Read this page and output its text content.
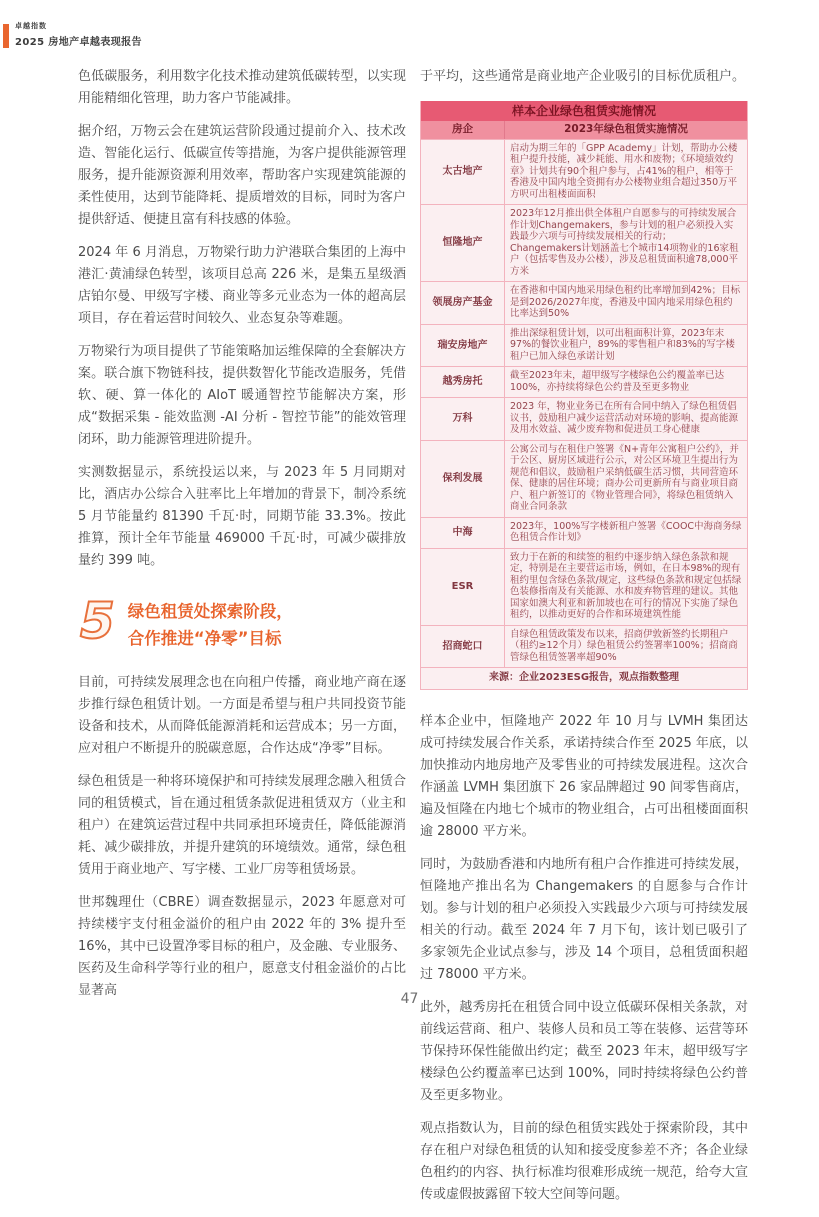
卓越指数
2025 房地产卓越表现报告

色低碳服务，利用数字化技术推动建筑低碳转型，以实现用能精细化管理，助力客户节能减排。

据介绍，万物云会在建筑运营阶段通过提前介入、技术改造、智能化运行、低碳宣传等措施，为客户提供能源管理服务，提升能源资源利用效率，帮助客户实现建筑能源的柔性使用，达到节能降耗、提质增效的目标，同时为客户提供舒适、便捷且富有科技感的体验。

2024 年 6 月消息，万物梁行助力沪港联合集团的上海中港汇·黄浦绿色转型，该项目总高 226 米，是集五星级酒店铂尔曼、甲级写字楼、商业等多元业态为一体的超高层项目，存在着运营时间较久、业态复杂等难题。

万物梁行为项目提供了节能策略加运维保障的全套解决方案。联合旗下物链科技，提供数智化节能改造服务，凭借软、硬、算一体化的 AIoT 暖通智控节能解决方案，形成“数据采集 - 能效监测 -AI 分析 - 智控节能”的能效管理闭环，助力能源管理进阶提升。

实测数据显示，系统投运以来，与 2023 年 5 月同期对比，酒店办公综合入驻率比上年增加的背景下，制冷系统 5 月节能量约 81390 千瓦·时，同期节能 33.3%。按此推算，预计全年节能量 469000 千瓦·时，可减少碳排放量约 399 吨。

5 绿色租赁处探索阶段，
合作推进“净零”目标

目前，可持续发展理念也在向租户传播，商业地产商在逐步推行绿色租赁计划。一方面是希望与租户共同投资节能设备和技术，从而降低能源消耗和运营成本；另一方面，应对租户不断提升的脱碳意愿，合作达成“净零”目标。

绿色租赁是一种将环境保护和可持续发展理念融入租赁合同的租赁模式，旨在通过租赁条款促进租赁双方（业主和租户）在建筑运营过程中共同承担环境责任，降低能源消耗、减少碳排放，并提升建筑的环境绩效。通常，绿色租赁用于商业地产、写字楼、工业厂房等租赁场景。

世邦魏理仕（CBRE）调查数据显示，2023 年愿意对可持续楼宇支付租金溢价的租户由 2022 年的 3% 提升至 16%，其中已设置净零目标的租户，及金融、专业服务、医药及生命科学等行业的租户，愿意支付租金溢价的占比显著高

于平均，这些通常是商业地产企业吸引的目标优质租户。

样本企业绿色租赁实施情况
房企	2023年绿色租赁实施情况
太古地产
启动为期三年的「GPP Academy」计划，帮助办公楼租户提升技能，减少耗能、用水和废物；《环境绩效约章》计划共有90个租户参与，占41%的租户，相等于香港及中国内地全资拥有办公楼物业组合超过350万平方呎可出租楼面面积
恒隆地产
2023年12月推出供全体租户自愿参与的可持续发展合作计划Changemakers，参与计划的租户必须投入实践最少六项与可持续发展相关的行动；Changemakers计划涵盖七个城市14项物业的16家租户（包括零售及办公楼），涉及总租赁面积逾78,000平方米
领展房产基金
在香港和中国内地采用绿色租约比率增加到42%；目标是到2026/2027年度，香港及中国内地采用绿色租约比率达到50%
瑞安房地产
推出深绿租赁计划，以可出租面积计算，2023年末97%的餐饮业租户，89%的零售租户和83%的写字楼租户已加入绿色承诺计划
越秀房托
截至2023年末，超甲级写字楼绿色公约覆盖率已达100%，亦持续将绿色公约普及至更多物业
万科
2023 年，物业业务已在所有合同中纳入了绿色租赁倡议书，鼓励租户减少运营活动对环境的影响、提高能源及用水效益、减少废弃物和促进员工身心健康
保利发展
公寓公司与在租住户签署《N+青年公寓租户公约》，并于公区、厨房区域进行公示，对公区环境卫生提出行为规范和倡议，鼓励租户采纳低碳生活习惯，共同营造环保、健康的居住环境；商办公司更新所有与商业项目商户、租户新签订的《物业管理合同》，将绿色租赁纳入商业合同条款
中海
2023年，100%写字楼新租户签署《COOC中海商务绿色租赁合作计划》
ESR
致力于在新的和续签的租约中逐步纳入绿色条款和规定，特别是在主要营运市场，例如，在日本98%的现有租约里包含绿色条款/规定，这些绿色条款和规定包括绿色装修指南及有关能源、水和废弃物管理的建议。其他国家如澳大利亚和新加坡也在可行的情况下实施了绿色租约，以推动更好的合作和环境建筑性能
招商蛇口
自绿色租赁政策发布以来，招商伊敦新签约长期租户（租约≥12个月）绿色租赁公约签署率100%；招商商管绿色租赁签署率超90%
来源：企业2023ESG报告，观点指数整理

样本企业中，恒隆地产 2022 年 10 月与 LVMH 集团达成可持续发展合作关系，承诺持续合作至 2025 年底，以加快推动内地房地产及零售业的可持续发展进程。这次合作涵盖 LVMH 集团旗下 26 家品牌超过 90 间零售商店，遍及恒隆在内地七个城市的物业组合，占可出租楼面面积逾 28000 平方米。

同时，为鼓励香港和内地所有租户合作推进可持续发展，恒隆地产推出名为 Changemakers 的自愿参与合作计划。参与计划的租户必须投入实践最少六项与可持续发展相关的行动。截至 2024 年 7 月下旬，该计划已吸引了多家领先企业试点参与，涉及 14 个项目，总租赁面积超过 78000 平方米。

此外，越秀房托在租赁合同中设立低碳环保相关条款，对前线运营商、租户、装修人员和员工等在装修、运营等环节保持环保性能做出约定；截至 2023 年末，超甲级写字楼绿色公约覆盖率已达到 100%，同时持续将绿色公约普及至更多物业。

观点指数认为，目前的绿色租赁实践处于探索阶段，其中存在租户对绿色租赁的认知和接受度参差不齐；各企业绿色租约的内容、执行标准均很难形成统一规范，给夸大宣传或虚假披露留下较大空间等问题。

47
